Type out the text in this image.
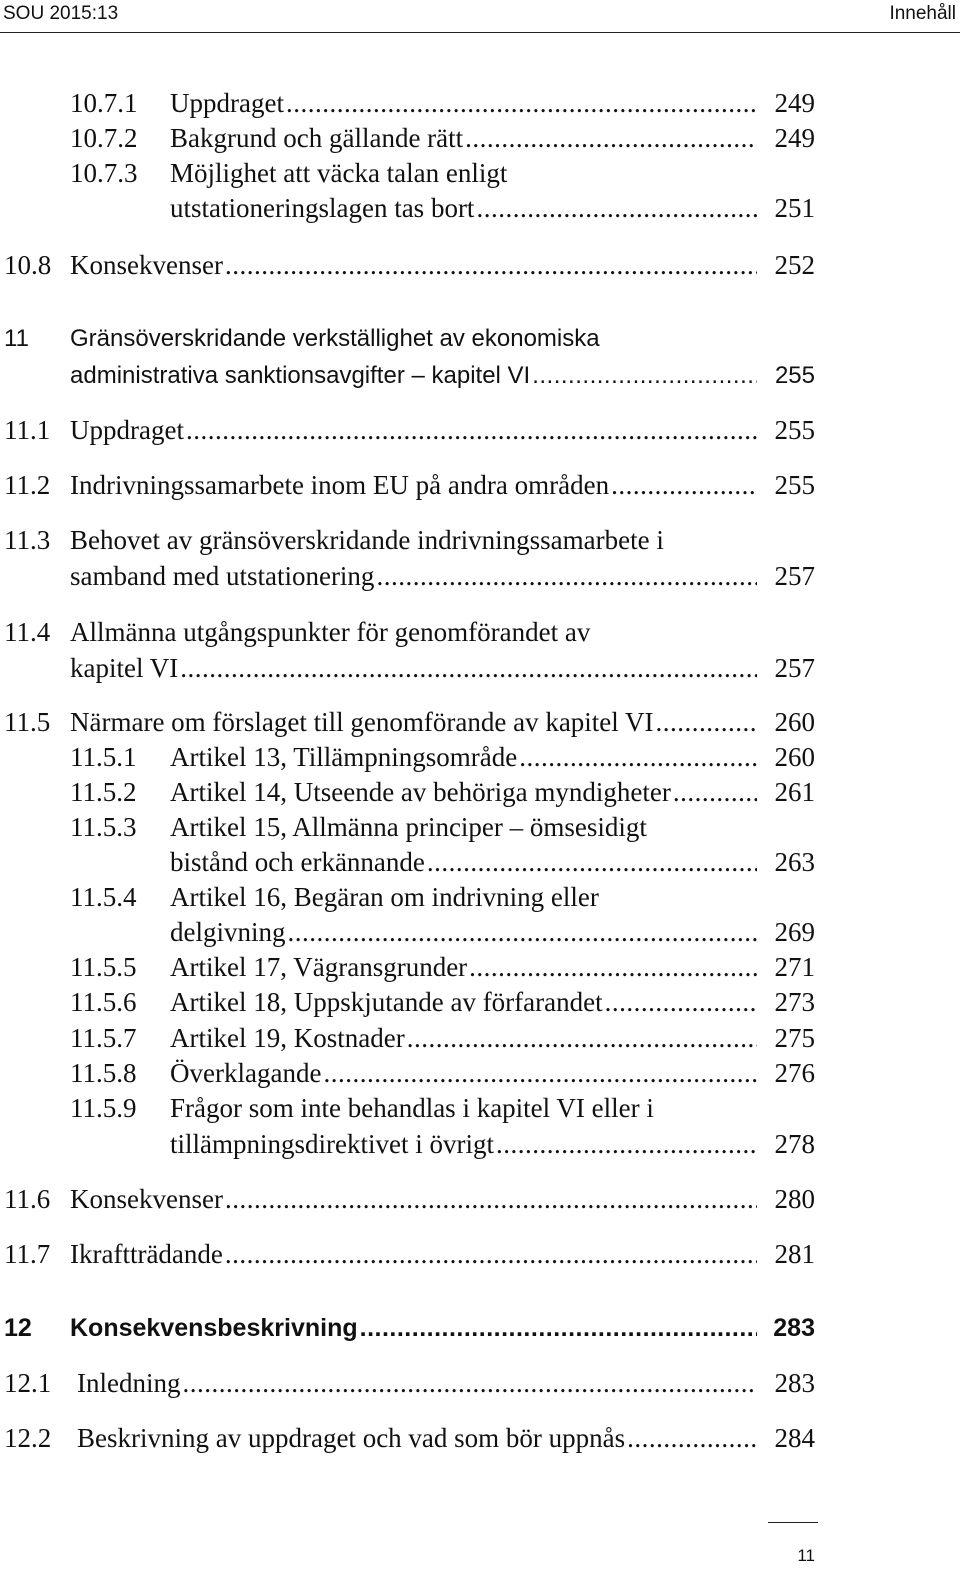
SOU 2015:13	Innehåll
10.7.1 Uppdraget .....	249
10.7.2 Bakgrund och gällande rätt .....	249
10.7.3 Möjlighet att väcka talan enligt
utstationeringslagen tas bort .....	251
10.8 Konsekvenser .....	252
11 Gränsöverskridande verkställighet av ekonomiska
administrativa sanktionsavgifter – kapitel VI .....	255
11.1 Uppdraget .....	255
11.2 Indrivningssamarbete inom EU på andra områden .....	255
11.3 Behovet av gränsöverskridande indrivningssamarbete i
samband med utstationering .....	257
11.4 Allmänna utgångspunkter för genomförandet av
kapitel VI .....	257
11.5 Närmare om förslaget till genomförande av kapitel VI .....	260
11.5.1 Artikel 13, Tillämpningsområde .....	260
11.5.2 Artikel 14, Utseende av behöriga myndigheter .....	261
11.5.3 Artikel 15, Allmänna principer – ömsesidigt
bistånd och erkännande .....	263
11.5.4 Artikel 16, Begäran om indrivning eller
delgivning .....	269
11.5.5 Artikel 17, Vägransgrunder .....	271
11.5.6 Artikel 18, Uppskjutande av förfarandet .....	273
11.5.7 Artikel 19, Kostnader .....	275
11.5.8 Överklagande .....	276
11.5.9 Frågor som inte behandlas i kapitel VI eller i
tillämpningsdirektivet i övrigt .....	278
11.6 Konsekvenser .....	280
11.7 Ikraftträdande .....	281
12 Konsekvensbeskrivning .....	283
12.1 Inledning .....	283
12.2 Beskrivning av uppdraget och vad som bör uppnås .....	284
11
